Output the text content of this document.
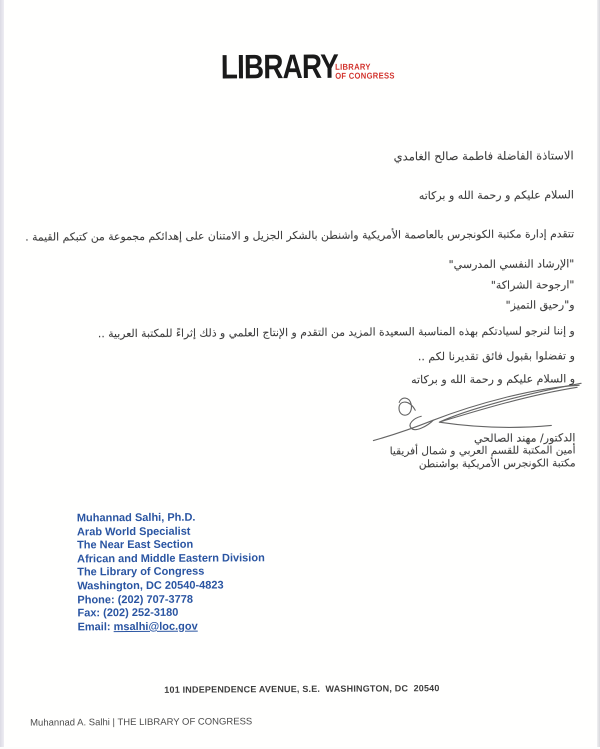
LIBRARY
LIBRARY
OF CONGRESS
الاستاذة الفاضلة فاطمة صالح الغامدي
السلام عليكم و رحمة الله و بركاته
تتقدم إدارة مكتبة الكونجرس بالعاصمة الأمريكية واشنطن بالشكر الجزيل و الامتنان على إهدائكم مجموعة من كتبكم القيمة .
"الإرشاد النفسي المدرسي"
"ارجوحة الشراكة"
و"رحيق التميز"
و إننا لنرجو لسيادتكم بهذه المناسبة السعيدة المزيد من التقدم و الإنتاج العلمي و ذلك إثراءً للمكتبة العربية ..
و تفضلوا بقبول فائق تقديرنا لكم ..
و السلام عليكم و رحمة الله و بركاته
الدكتور/ مهند الصالحي
أمين المكتبة للقسم العربي و شمال أفريقيا
مكتبة الكونجرس الأمريكية بواشنطن
Muhannad Salhi, Ph.D.
Arab World Specialist
The Near East Section
African and Middle Eastern Division
The Library of Congress
Washington, DC 20540-4823
Phone: (202) 707-3778
Fax: (202) 252-3180
Email: msalhi@loc.gov
101 INDEPENDENCE AVENUE, S.E.  WASHINGTON, DC  20540
Muhannad A. Salhi | THE LIBRARY OF CONGRESS
